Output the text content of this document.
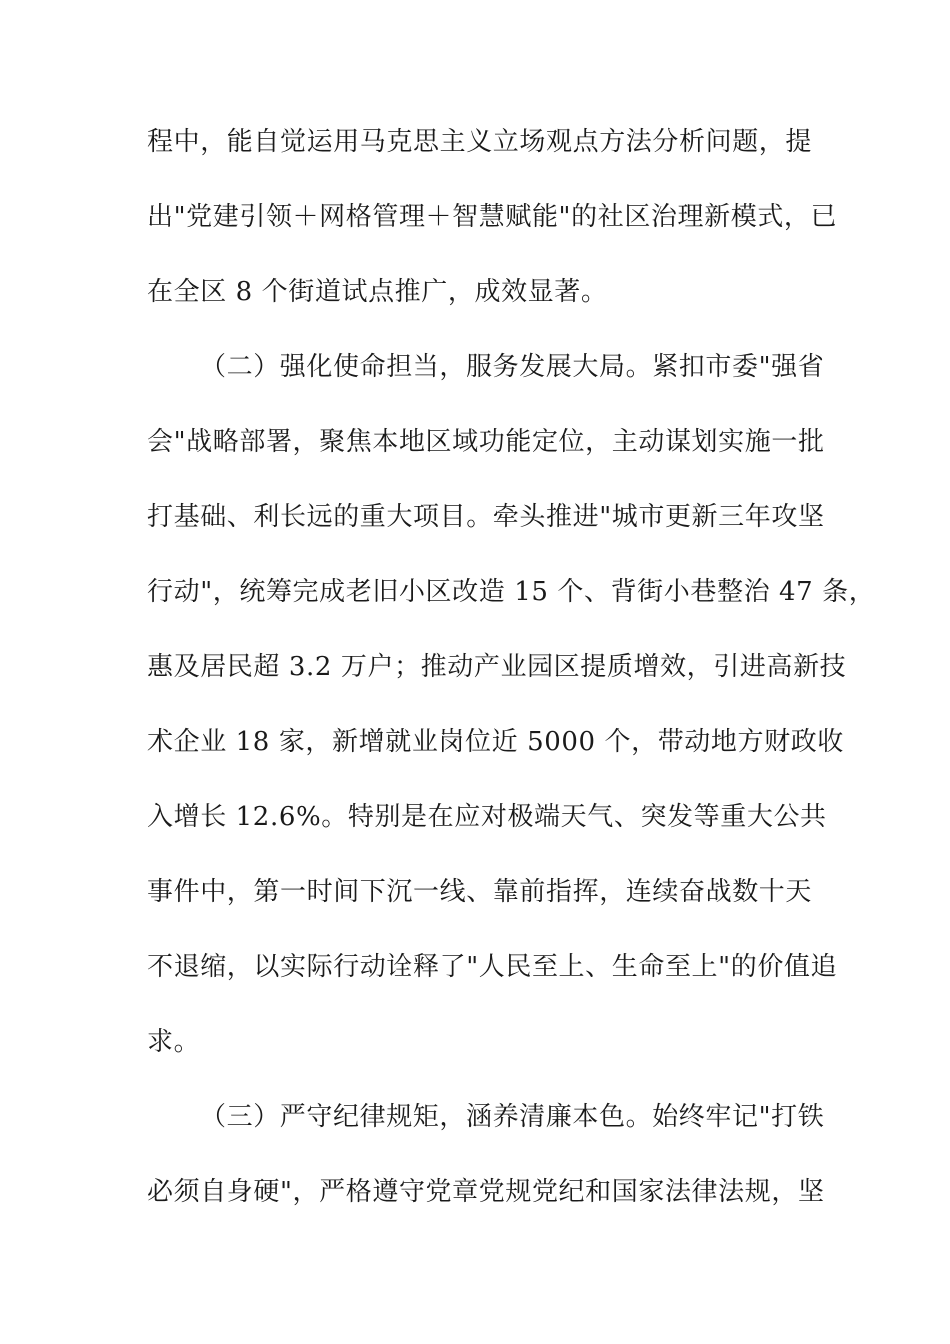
程中，能自觉运用马克思主义立场观点方法分析问题，提
出"党建引领＋网格管理＋智慧赋能"的社区治理新模式，已
在全区 8 个街道试点推广，成效显著。
（二）强化使命担当，服务发展大局。紧扣市委"强省
会"战略部署，聚焦本地区域功能定位，主动谋划实施一批
打基础、利长远的重大项目。牵头推进"城市更新三年攻坚
行动"，统筹完成老旧小区改造 15 个、背街小巷整治 47 条，
惠及居民超 3.2 万户；推动产业园区提质增效，引进高新技
术企业 18 家，新增就业岗位近 5000 个，带动地方财政收
入增长 12.6%。特别是在应对极端天气、突发等重大公共
事件中，第一时间下沉一线、靠前指挥，连续奋战数十天
不退缩，以实际行动诠释了"人民至上、生命至上"的价值追
求。
（三）严守纪律规矩，涵养清廉本色。始终牢记"打铁
必须自身硬"，严格遵守党章党规党纪和国家法律法规，坚
